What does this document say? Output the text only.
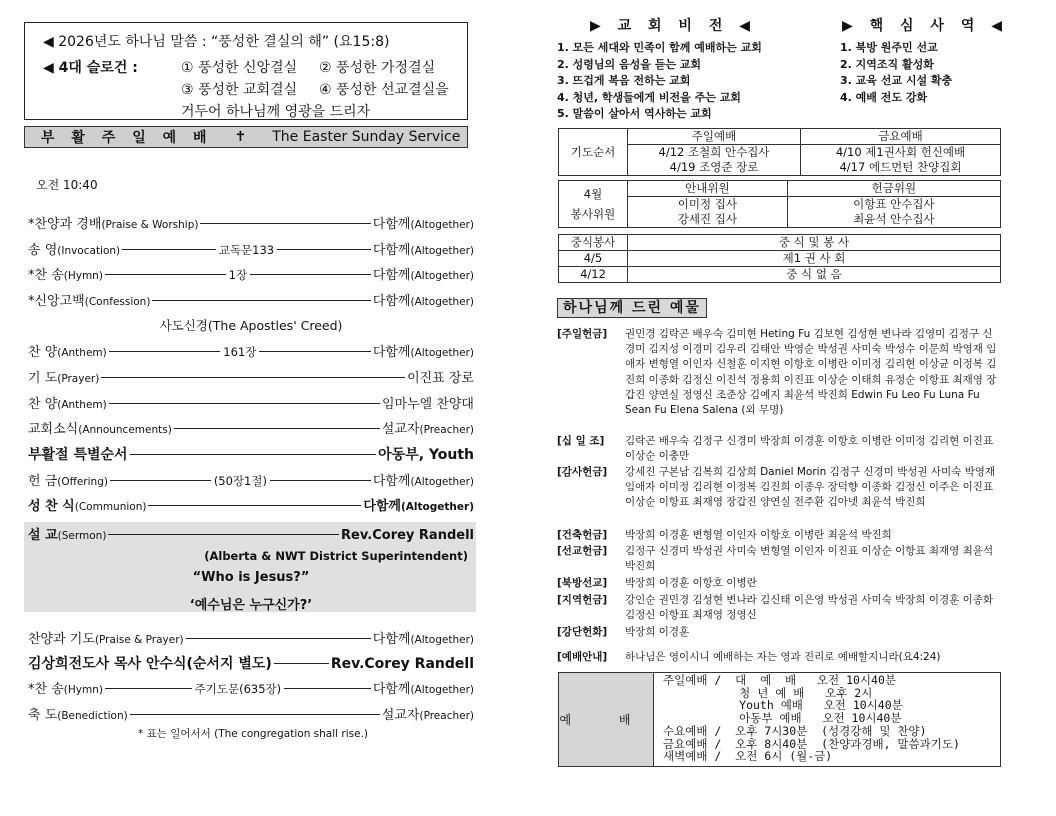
◀ 2026년도 하나님 말씀 : “풍성한 결실의 해” (요15:8)
◀ 4대 슬로건 :	① 풍성한 신앙결실 ② 풍성한 가정결실
③ 풍성한 교회결실 ④ 풍성한 선교결실을
거두어 하나님께 영광을 드리자
부 활 주 일 예 배 ✝ The Easter Sunday Service
오전 10:40
*찬양과 경배 (Praise & Worship)	다함께(Altogether)
송 영 (Invocation)	교독문133	다함께(Altogether)
*찬 송 (Hymn)	1장	다함께(Altogether)
*신앙고백 (Confession)	다함께(Altogether)
찬 양 (Anthem)	161장	다함께(Altogether)
기 도 (Prayer)	이진표 장로
찬 양 (Anthem)	임마누엘 찬양대
교회소식 (Announcements)	설교자(Preacher)
부활절 특별순서	아동부, Youth
헌 금 (Offering)	(50장1절)	다함께(Altogether)
성 찬 식 (Communion)	다함께(Altogether)
설 교 (Sermon)	Rev.Corey Randell
찬양과 기도 (Praise & Prayer)	다함께(Altogether)
김상희전도사 목사 안수식(순서지 별도)	Rev.Corey Randell
*찬 송 (Hymn)	주기도문(635장)	다함께(Altogether)
축 도 (Benediction)	설교자(Preacher)
사도신경(The Apostles' Creed)
(Alberta & NWT District Superintendent)
“Who is Jesus?”
‘예수님은 누구신가?’
* 표는 일어서서 (The congregation shall rise.)
▶ 교 회 비 전 ◀
1. 모든 세대와 민족이 함께 예배하는 교회
2. 성령님의 음성을 듣는 교회
3. 뜨겁게 복음 전하는 교회
4. 청년, 학생들에게 비전을 주는 교회
5. 말씀이 살아서 역사하는 교회
▶ 핵 심 사 역 ◀
1. 북방 원주민 선교
2. 지역조직 활성화
3. 교육 선교 시설 확충
4. 예배 전도 강화
기도순서	주일예배	금요예배
	4/12 조철희 안수집사	4/10 제1권사회 헌신예배
	4/19 조영준 장로	4/17 에드먼턴 찬양집회
4월
봉사위원	안내위원	헌금위원
	이미정 집사	이항표 안수집사
	강세진 집사	최윤석 안수집사
중식봉사	중 식 및 봉 사
4/5	제1 권 사 회
4/12	중 식 없 음
하나님께 드린 예물
[주일헌금]	권민경 김락곤 배우숙 김미현 Heting Fu 김보현 김성현 변나라 김영미 김정구 신경미 김지성 이경미 김우리 김태안 박영순 박성권 사미숙 박성수 이문희 박영재 임애자 변형열 이인자 신철훈 이지현 이항호 이병란 이미정 김리현 이상균 이정복 김진희 이종화 김정신 이진석 정용희 이진표 이상순 이태희 유정순 이항표 최재영 장갑진 양연실 정영신 조준상 김예지 최윤석 박진희 Edwin Fu Leo Fu Luna Fu Sean Fu Elena Salena (외 무명)
[십 일 조]	김락곤 배우숙 김정구 신경미 박장희 이경훈 이항호 이병란 이미정 김리현 이진표 이상순 이충만
[감사헌금]	강세진 구본남 김복희 김상희 Daniel Morin 김정구 신경미 박성권 사미숙 박영재 임애자 이미정 김리현 이정복 김진희 이종우 장덕향 이종화 김정신 이주은 이진표 이상순 이항표 최재영 장갑진 양연실 전주환 김아넷 최윤석 박진희
[건축헌금]	박장희 이경훈 변형열 이인자 이항호 이병란 최윤석 박진희
[선교헌금]	김정구 신경미 박성권 사미숙 변형열 이인자 이진표 이상순 이항표 최재영 최윤석 박진희
[북방선교]	박장희 이경훈 이항호 이병란
[지역헌금]	강인순 권민경 김성현 변나라 김신태 이은영 박성권 사미숙 박장희 이경훈 이종화 김정신 이항표 최재영 정영신
[강단헌화]	박장희 이경훈
[예배안내]	하나님은 영이시니 예배하는 자는 영과 진리로 예배할지니라(요4:24)
예 배
주일예배 /  대  예  배   오전 10시40분
청 년 예 배   오후 2시
Youth 예배   오전 10시40분
아동부 예배   오전 10시40분
수요예배 /  오후 7시30분  (성경강해 및 찬양)
금요예배 /  오후 8시40분  (찬양과경배, 말씀과기도)
새벽예배 /  오전 6시 (월-금)
